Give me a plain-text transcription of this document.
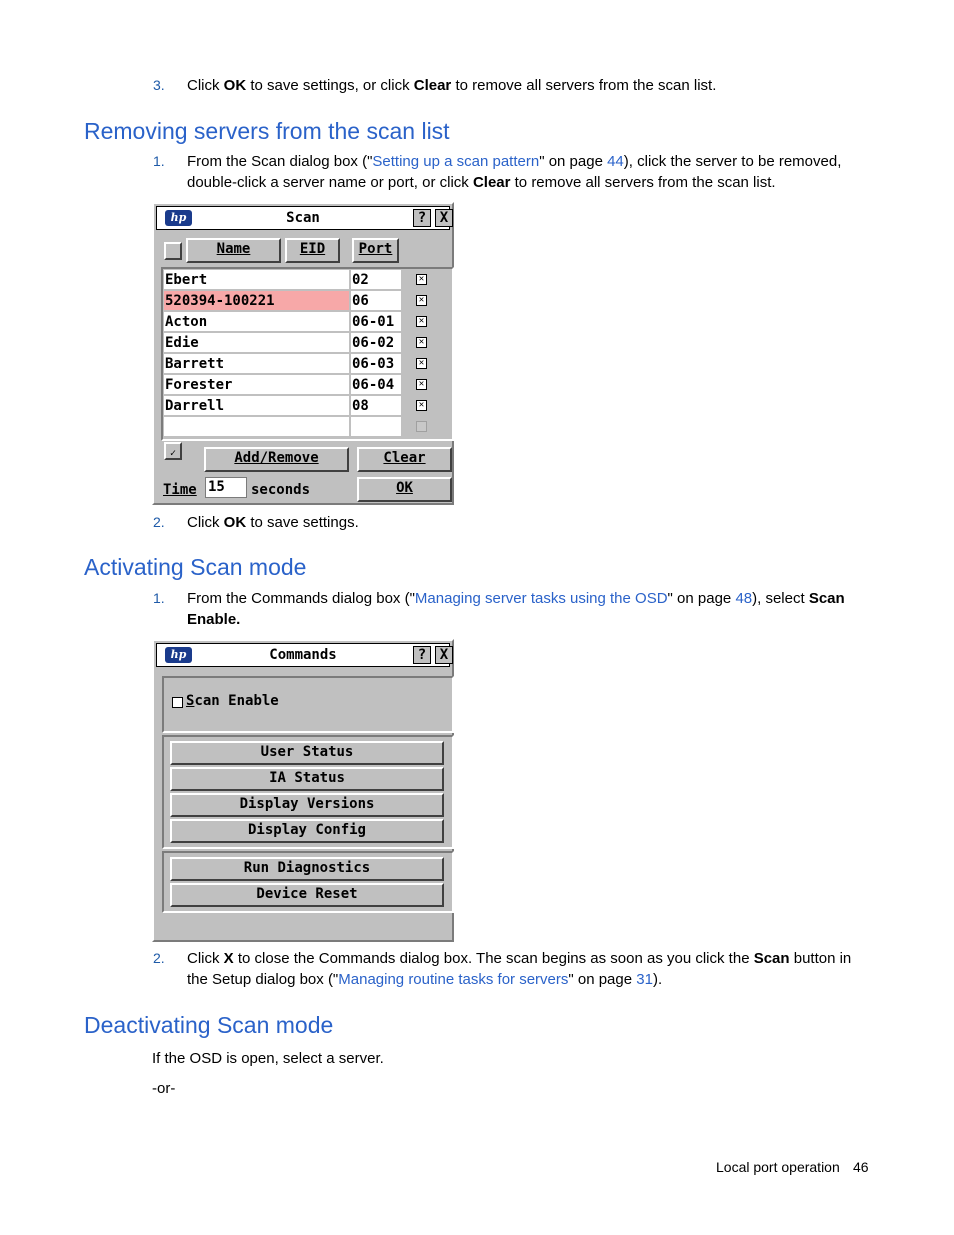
3. Click OK to save settings, or click Clear to remove all servers from the scan list.
Removing servers from the scan list
1. From the Scan dialog box ("Setting up a scan pattern" on page 44), click the server to be removed, double-click a server name or port, or click Clear to remove all servers from the scan list.
hp	Scan	? X
Name	EID	Port
Ebert	02	✕
520394-100221	06	✕
Acton	06-01	✕
Edie	06-02	✕
Barrett	06-03	✕
Forester	06-04	✕
Darrell	08	✕
✓	Add/Remove	Clear
Time 15	seconds	OK
2. Click OK to save settings.
Activating Scan mode
1. From the Commands dialog box ("Managing server tasks using the OSD" on page 48), select Scan Enable.
hp	Commands	? X
Scan Enable
User Status
IA Status
Display Versions
Display Config
Run Diagnostics
Device Reset
2. Click X to close the Commands dialog box. The scan begins as soon as you click the Scan button in the Setup dialog box ("Managing routine tasks for servers" on page 31).
Deactivating Scan mode
If the OSD is open, select a server.
-or-
Local port operation 46
